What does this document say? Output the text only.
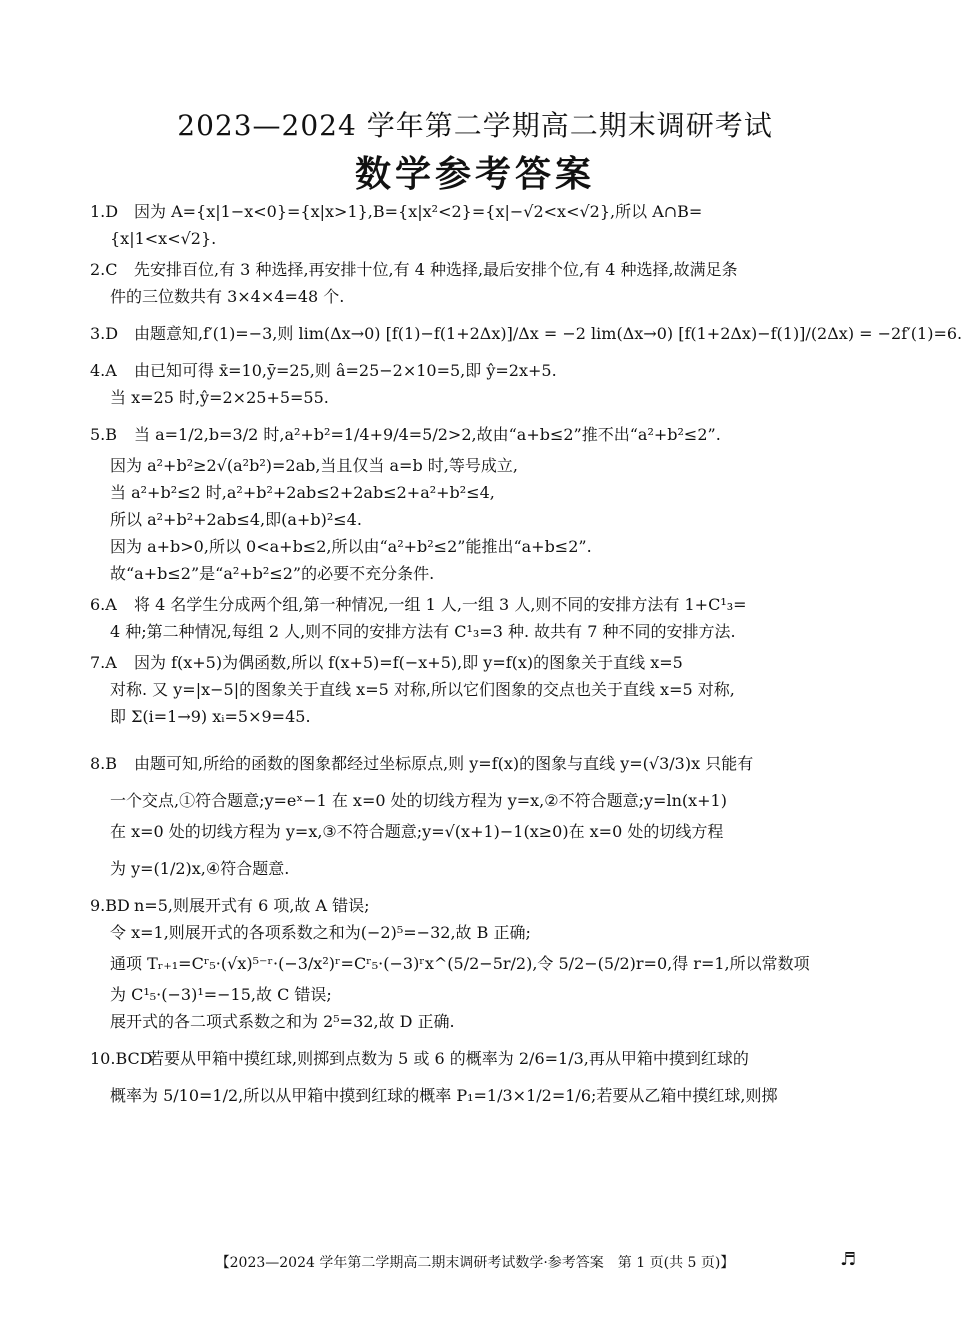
2023—2024 学年第二学期高二期末调研考试
数学参考答案

1.D 因为 A={x|1−x<0}={x|x>1},B={x|x²<2}={x|−√2<x<√2},所以 A∩B=

{x|1<x<√2}.

2.C 先安排百位,有 3 种选择,再安排十位,有 4 种选择,最后安排个位,有 4 种选择,故满足条

件的三位数共有 3×4×4=48 个.

3.D 由题意知,f′(1)=−3,则 lim(Δx→0) [f(1)−f(1+2Δx)]/Δx = −2 lim(Δx→0) [f(1+2Δx)−f(1)]/(2Δx) = −2f′(1)=6.

4.A 由已知可得 x̄=10,ȳ=25,则 â=25−2×10=5,即 ŷ=2x+5.

当 x=25 时,ŷ=2×25+5=55.

5.B 当 a=1/2,b=3/2 时,a²+b²=1/4+9/4=5/2>2,故由“a+b≤2”推不出“a²+b²≤2”.

因为 a²+b²≥2√(a²b²)=2ab,当且仅当 a=b 时,等号成立,

当 a²+b²≤2 时,a²+b²+2ab≤2+2ab≤2+a²+b²≤4,

所以 a²+b²+2ab≤4,即(a+b)²≤4.

因为 a+b>0,所以 0<a+b≤2,所以由“a²+b²≤2”能推出“a+b≤2”.

故“a+b≤2”是“a²+b²≤2”的必要不充分条件.

6.A 将 4 名学生分成两个组,第一种情况,一组 1 人,一组 3 人,则不同的安排方法有 1+C¹₃=

4 种;第二种情况,每组 2 人,则不同的安排方法有 C¹₃=3 种. 故共有 7 种不同的安排方法.

7.A 因为 f(x+5)为偶函数,所以 f(x+5)=f(−x+5),即 y=f(x)的图象关于直线 x=5

对称. 又 y=|x−5|的图象关于直线 x=5 对称,所以它们图象的交点也关于直线 x=5 对称,

即 Σ(i=1→9) xᵢ=5×9=45.

8.B 由题可知,所给的函数的图象都经过坐标原点,则 y=f(x)的图象与直线 y=(√3/3)x 只能有

一个交点,①符合题意;y=eˣ−1 在 x=0 处的切线方程为 y=x,②不符合题意;y=ln(x+1)

在 x=0 处的切线方程为 y=x,③不符合题意;y=√(x+1)−1(x≥0)在 x=0 处的切线方程

为 y=(1/2)x,④符合题意.

9.BD n=5,则展开式有 6 项,故 A 错误;

令 x=1,则展开式的各项系数之和为(−2)⁵=−32,故 B 正确;

通项 Tᵣ₊₁=Cʳ₅·(√x)⁵⁻ʳ·(−3/x²)ʳ=Cʳ₅·(−3)ʳx^(5/2−5r/2),令 5/2−(5/2)r=0,得 r=1,所以常数项

为 C¹₅·(−3)¹=−15,故 C 错误;

展开式的各二项式系数之和为 2⁵=32,故 D 正确.

10.BCD若要从甲箱中摸红球,则掷到点数为 5 或 6 的概率为 2/6=1/3,再从甲箱中摸到红球的

概率为 5/10=1/2,所以从甲箱中摸到红球的概率 P₁=1/3×1/2=1/6;若要从乙箱中摸红球,则掷

【2023—2024 学年第二学期高二期末调研考试数学·参考答案　第 1 页(共 5 页)】	♬
